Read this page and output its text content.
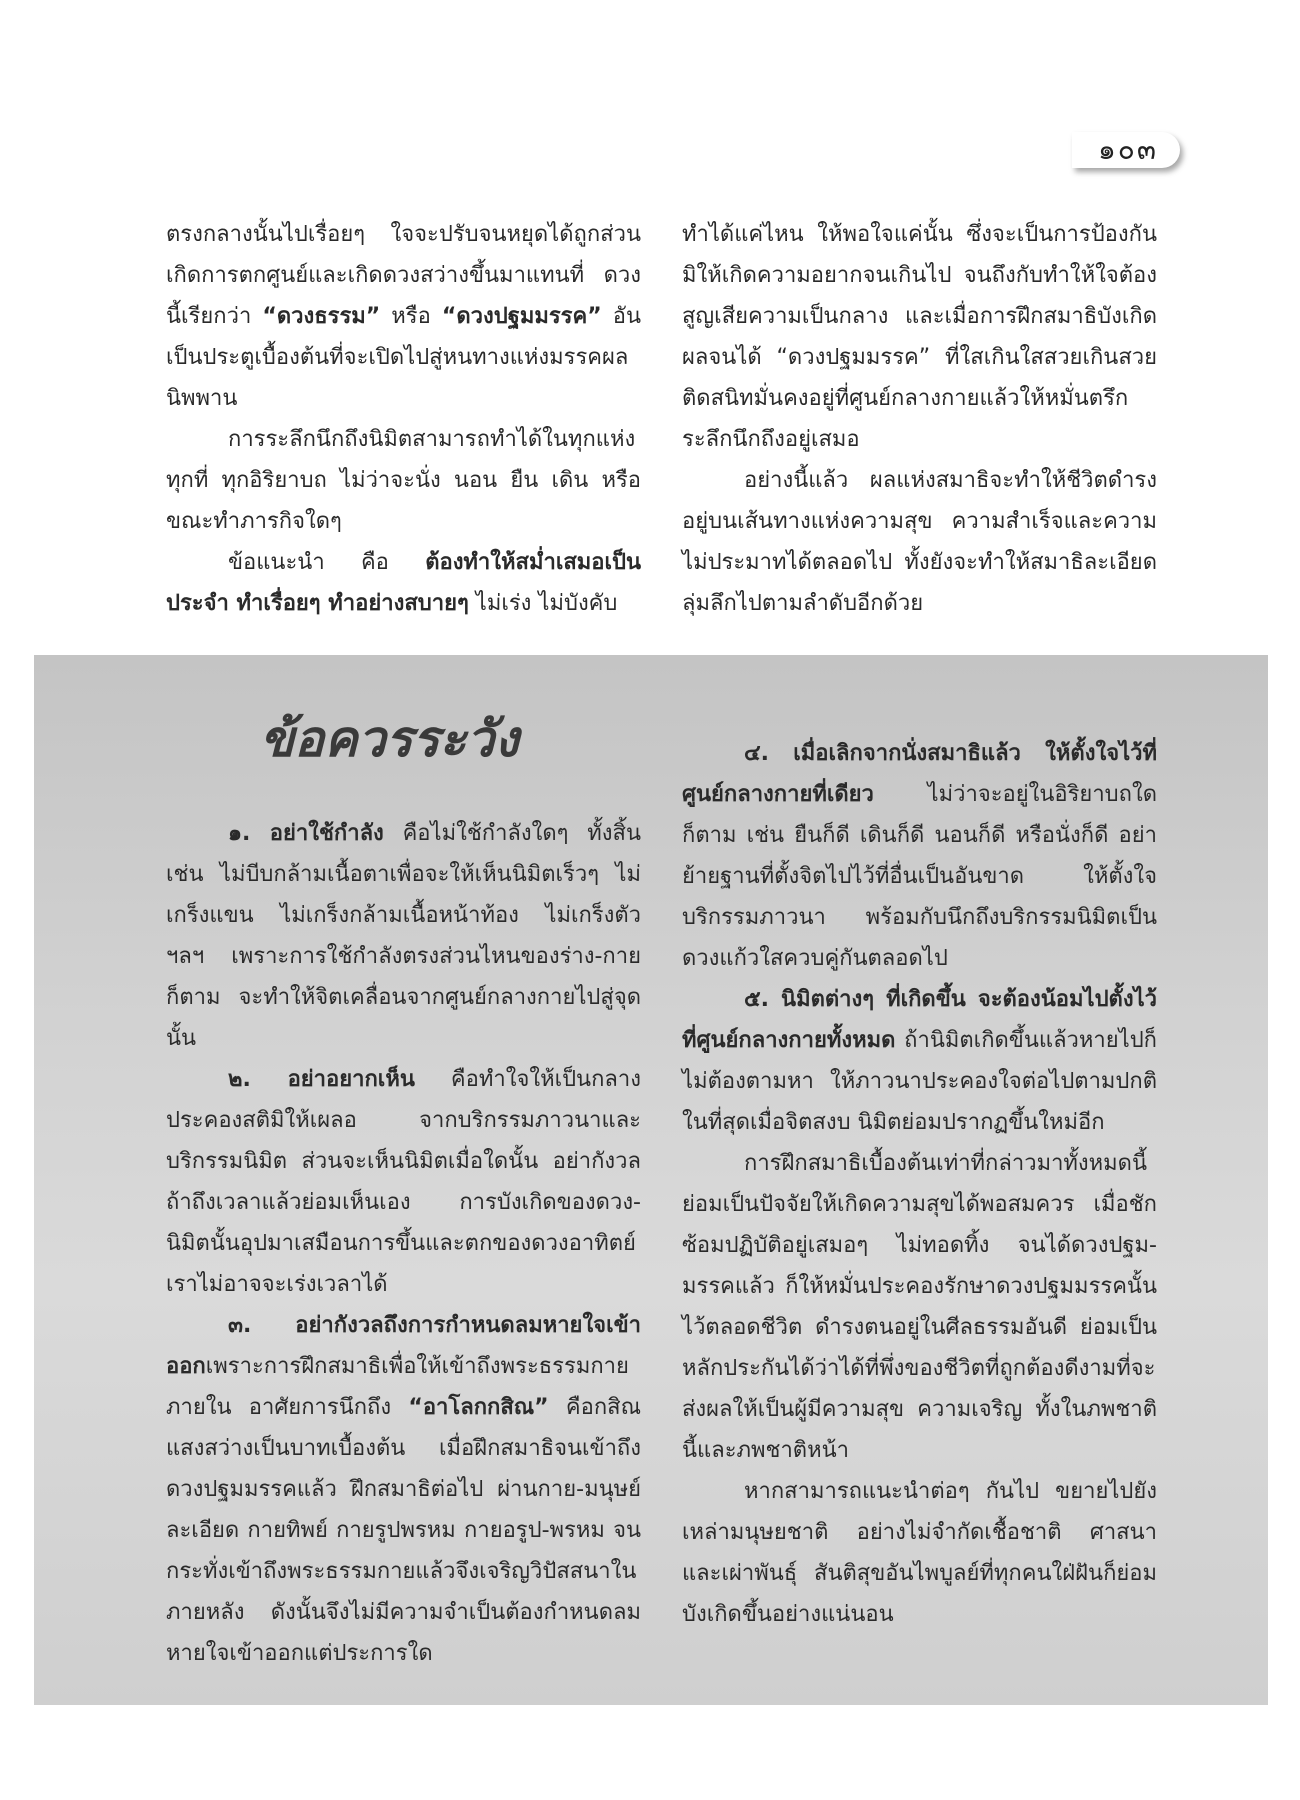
๑๐๓

ตรงกลางนั้นไปเรื่อยๆ ใจจะปรับจนหยุดได้ถูกส่วน เกิดการตกศูนย์และเกิดดวงสว่างขึ้นมาแทนที่ ดวงนี้เรียกว่า “ดวงธรรม” หรือ “ดวงปฐมมรรค” อันเป็นประตูเบื้องต้นที่จะเปิดไปสู่หนทางแห่งมรรคผลนิพพาน

การระลึกนึกถึงนิมิตสามารถทำได้ในทุกแห่ง ทุกที่ ทุกอิริยาบถ ไม่ว่าจะนั่ง นอน ยืน เดิน หรือขณะทำภารกิจใดๆ

ข้อแนะนำ คือ ต้องทำให้สม่ำเสมอเป็นประจำ ทำเรื่อยๆ ทำอย่างสบายๆ ไม่เร่ง ไม่บังคับ

ทำได้แค่ไหน ให้พอใจแค่นั้น ซึ่งจะเป็นการป้องกันมิให้เกิดความอยากจนเกินไป จนถึงกับทำให้ใจต้องสูญเสียความเป็นกลาง และเมื่อการฝึกสมาธิบังเกิดผลจนได้ “ดวงปฐมมรรค” ที่ใสเกินใสสวยเกินสวย ติดสนิทมั่นคงอยู่ที่ศูนย์กลางกายแล้วให้หมั่นตรึกระลึกนึกถึงอยู่เสมอ

อย่างนี้แล้ว ผลแห่งสมาธิจะทำให้ชีวิตดำรงอยู่บนเส้นทางแห่งความสุข ความสำเร็จและความไม่ประมาทได้ตลอดไป ทั้งยังจะทำให้สมาธิละเอียดลุ่มลึกไปตามลำดับอีกด้วย

ข้อควรระวัง

๑. อย่าใช้กำลัง คือไม่ใช้กำลังใดๆ ทั้งสิ้น เช่น ไม่บีบกล้ามเนื้อตาเพื่อจะให้เห็นนิมิตเร็วๆ ไม่เกร็งแขน ไม่เกร็งกล้ามเนื้อหน้าท้อง ไม่เกร็งตัว ฯลฯ เพราะการใช้กำลังตรงส่วนไหนของร่าง-กายก็ตาม จะทำให้จิตเคลื่อนจากศูนย์กลางกายไปสู่จุดนั้น

๒. อย่าอยากเห็น คือทำใจให้เป็นกลาง ประคองสติมิให้เผลอ จากบริกรรมภาวนาและบริกรรมนิมิต ส่วนจะเห็นนิมิตเมื่อใดนั้น อย่ากังวล ถ้าถึงเวลาแล้วย่อมเห็นเอง การบังเกิดของดวง-นิมิตนั้นอุปมาเสมือนการขึ้นและตกของดวงอาทิตย์ เราไม่อาจจะเร่งเวลาได้

๓. อย่ากังวลถึงการกำหนดลมหายใจเข้าออกเพราะการฝึกสมาธิเพื่อให้เข้าถึงพระธรรมกายภายใน อาศัยการนึกถึง “อาโลกกสิณ” คือกสิณแสงสว่างเป็นบาทเบื้องต้น เมื่อฝึกสมาธิจนเข้าถึงดวงปฐมมรรคแล้ว ฝึกสมาธิต่อไป ผ่านกาย-มนุษย์ละเอียด กายทิพย์ กายรูปพรหม กายอรูป-พรหม จนกระทั่งเข้าถึงพระธรรมกายแล้วจึงเจริญวิปัสสนาในภายหลัง ดังนั้นจึงไม่มีความจำเป็นต้องกำหนดลมหายใจเข้าออกแต่ประการใด

๔. เมื่อเลิกจากนั่งสมาธิแล้ว ให้ตั้งใจไว้ที่ศูนย์กลางกายที่เดียว ไม่ว่าจะอยู่ในอิริยาบถใดก็ตาม เช่น ยืนก็ดี เดินก็ดี นอนก็ดี หรือนั่งก็ดี อย่าย้ายฐานที่ตั้งจิตไปไว้ที่อื่นเป็นอันขาด ให้ตั้งใจบริกรรมภาวนา พร้อมกับนึกถึงบริกรรมนิมิตเป็นดวงแก้วใสควบคู่กันตลอดไป

๕. นิมิตต่างๆ ที่เกิดขึ้น จะต้องน้อมไปตั้งไว้ที่ศูนย์กลางกายทั้งหมด ถ้านิมิตเกิดขึ้นแล้วหายไปก็ไม่ต้องตามหา ให้ภาวนาประคองใจต่อไปตามปกติ ในที่สุดเมื่อจิตสงบ นิมิตย่อมปรากฏขึ้นใหม่อีก

การฝึกสมาธิเบื้องต้นเท่าที่กล่าวมาทั้งหมดนี้ย่อมเป็นปัจจัยให้เกิดความสุขได้พอสมควร เมื่อชักซ้อมปฏิบัติอยู่เสมอๆ ไม่ทอดทิ้ง จนได้ดวงปฐม-มรรคแล้ว ก็ให้หมั่นประคองรักษาดวงปฐมมรรคนั้นไว้ตลอดชีวิต ดำรงตนอยู่ในศีลธรรมอันดี ย่อมเป็นหลักประกันได้ว่าได้ที่พึ่งของชีวิตที่ถูกต้องดีงามที่จะส่งผลให้เป็นผู้มีความสุข ความเจริญ ทั้งในภพชาตินี้และภพชาติหน้า

หากสามารถแนะนำต่อๆ กันไป ขยายไปยังเหล่ามนุษยชาติ อย่างไม่จำกัดเชื้อชาติ ศาสนา และเผ่าพันธุ์ สันติสุขอันไพบูลย์ที่ทุกคนใฝ่ฝันก็ย่อมบังเกิดขึ้นอย่างแน่นอน
